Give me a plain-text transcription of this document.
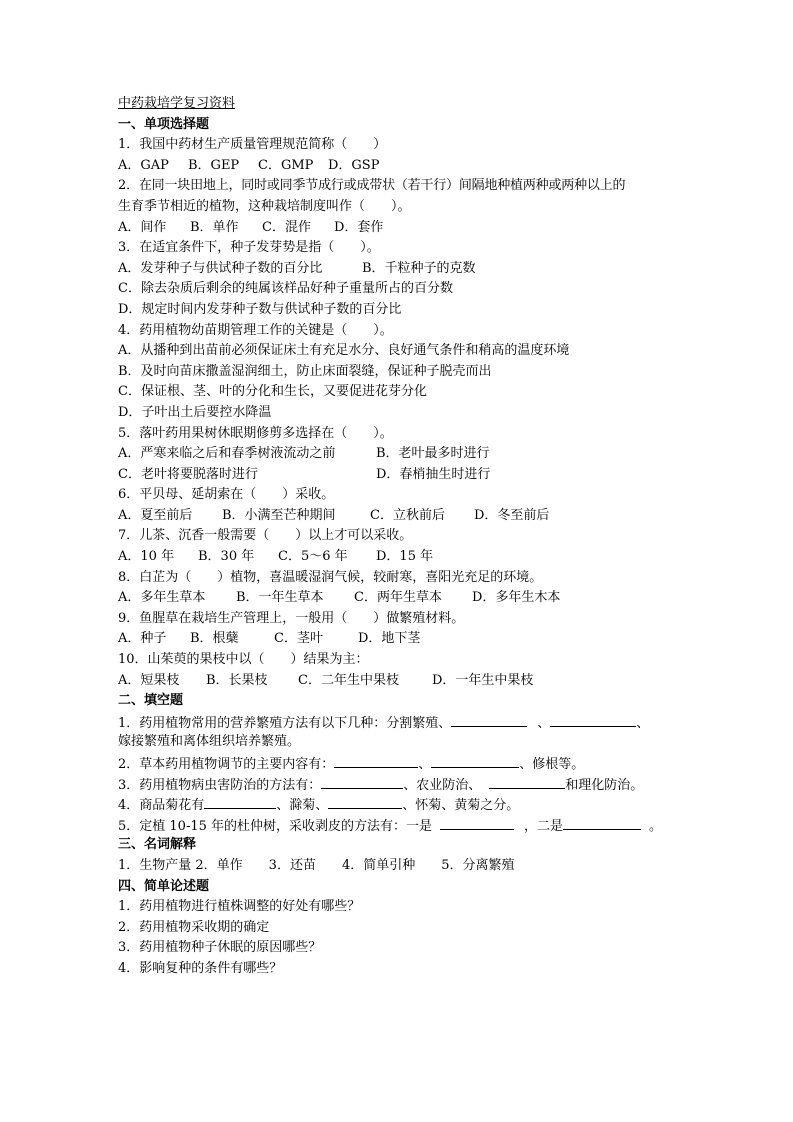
中药栽培学复习资料
一、单项选择题
1．我国中药材生产质量管理规范简称（　　）
A．GAP	B．GEP	C．GMP	D．GSP
2．在同一块田地上，同时或同季节成行或成带状（若干行）间隔地种植两种或两种以上的
生育季节相近的植物，这种栽培制度叫作（　　）。
A．间作	B．单作	C．混作	D．套作
3．在适宜条件下，种子发芽势是指（　　）。
A．发芽种子与供试种子数的百分比	B．千粒种子的克数
C．除去杂质后剩余的纯属该样品好种子重量所占的百分数
D．规定时间内发芽种子数与供试种子数的百分比
4．药用植物幼苗期管理工作的关键是（　　）。
A．从播种到出苗前必须保证床土有充足水分、良好通气条件和稍高的温度环境
B．及时向苗床撒盖湿润细土，防止床面裂缝，保证种子脱壳而出
C．保证根、茎、叶的分化和生长，又要促进花芽分化
D．子叶出土后要控水降温
5．落叶药用果树休眠期修剪多选择在（　　）。
A．严寒来临之后和春季树液流动之前	B．老叶最多时进行
C．老叶将要脱落时进行	D．春梢抽生时进行
6．平贝母、延胡索在（　　）采收。
A．夏至前后	B．小满至芒种期间	C．立秋前后	D．冬至前后
7．儿茶、沉香一般需要（　　）以上才可以采收。
A．10 年	B．30 年	C．5～6 年	D．15 年
8．白芷为（　　）植物，喜温暖湿润气候，较耐寒，喜阳光充足的环境。
A．多年生草本	B．一年生草本	C．两年生草本	D．多年生木本
9．鱼腥草在栽培生产管理上，一般用（　　）做繁殖材料。
A．种子	B．根蘖	C．茎叶	D．地下茎
10．山茱萸的果枝中以（　　）结果为主：
A．短果枝	B．长果枝	C．二年生中果枝	D．一年生中果枝
二、填空题
1．药用植物常用的营养繁殖方法有以下几种：分割繁殖、	、	、
嫁接繁殖和离体组织培养繁殖。
2．草本药用植物调节的主要内容有：	、	、修根等。
3．药用植物病虫害防治的方法有：	、农业防治、	和理化防治。
4．商品菊花有	、滁菊、	、怀菊、黄菊之分。
5．定植 10-15 年的杜仲树，采收剥皮的方法有：一是	，二是	。
三、名词解释
1．生物产量 2．单作　　3．还苗　　4．简单引种　　5．分离繁殖
四、简单论述题
1．药用植物进行植株调整的好处有哪些？
2．药用植物采收期的确定
3．药用植物种子休眠的原因哪些？
4．影响复种的条件有哪些？
